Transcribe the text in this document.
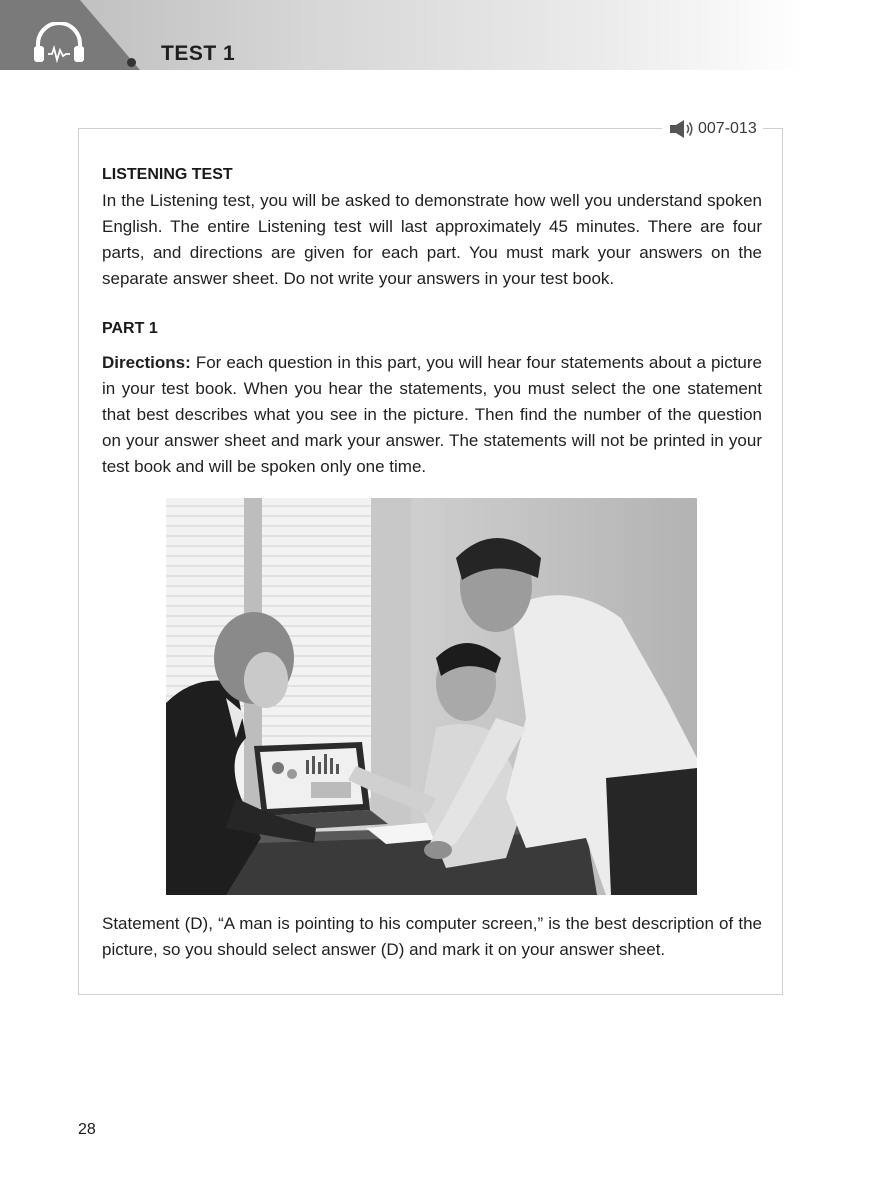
TEST 1
007-013
LISTENING TEST

In the Listening test, you will be asked to demonstrate how well you understand spoken English. The entire Listening test will last approximately 45 minutes. There are four parts, and directions are given for each part. You must mark your answers on the separate answer sheet. Do not write your answers in your test book.

PART 1

Directions: For each question in this part, you will hear four statements about a picture in your test book. When you hear the statements, you must select the one statement that best describes what you see in the picture. Then find the number of the question on your answer sheet and mark your answer. The statements will not be printed in your test book and will be spoken only one time.

Statement (D), “A man is pointing to his computer screen,” is the best description of the picture, so you should select answer (D) and mark it on your answer sheet.

28
